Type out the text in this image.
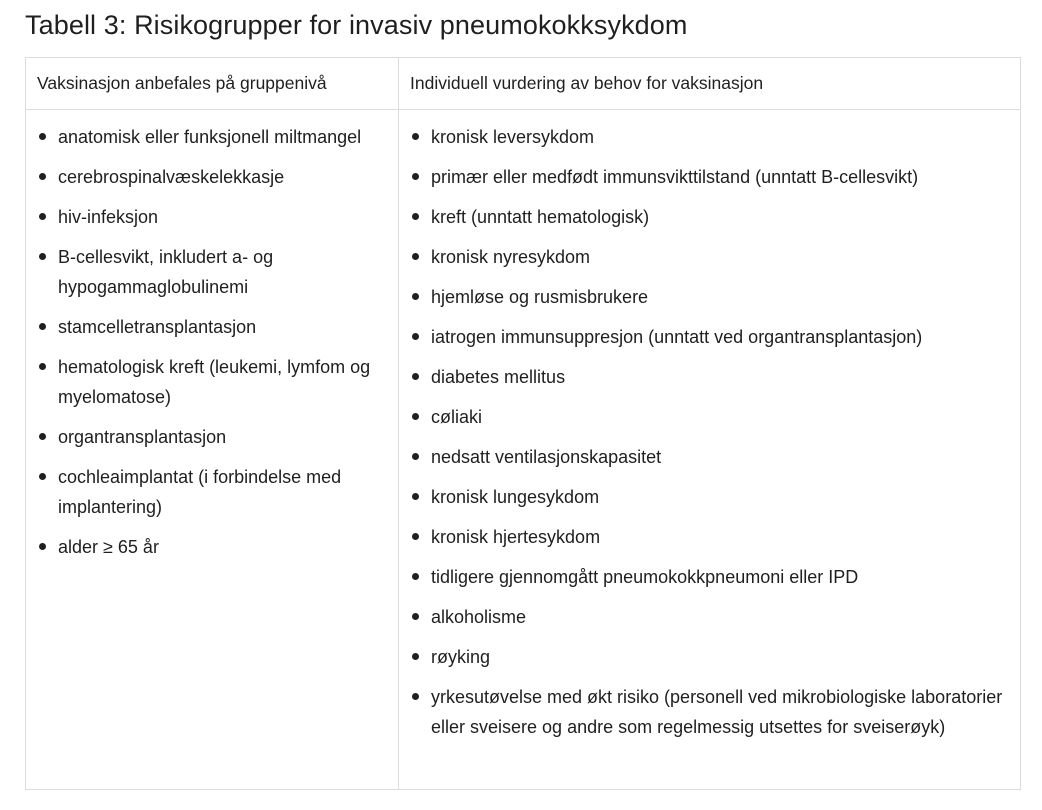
Tabell 3: Risikogrupper for invasiv pneumokokksykdom
Vaksinasjon anbefales på gruppenivå	Individuell vurdering av behov for vaksinasjon
anatomisk eller funksjonell miltmangel
cerebrospinalvæskelekkasje
hiv-infeksjon
B-cellesvikt, inkludert a- og hypogammaglobulinemi
stamcelletransplantasjon
hematologisk kreft (leukemi, lymfom og myelomatose)
organtransplantasjon
cochleaimplantat (i forbindelse med implantering)
alder ≥ 65 år
kronisk leversykdom
primær eller medfødt immunsvikttilstand (unntatt B-cellesvikt)
kreft (unntatt hematologisk)
kronisk nyresykdom
hjemløse og rusmisbrukere
iatrogen immunsuppresjon (unntatt ved organtransplantasjon)
diabetes mellitus
cøliaki
nedsatt ventilasjonskapasitet
kronisk lungesykdom
kronisk hjertesykdom
tidligere gjennomgått pneumokokkpneumoni eller IPD
alkoholisme
røyking
yrkesutøvelse med økt risiko (personell ved mikrobiologiske laboratorier eller sveisere og andre som regelmessig utsettes for sveiserøyk)
